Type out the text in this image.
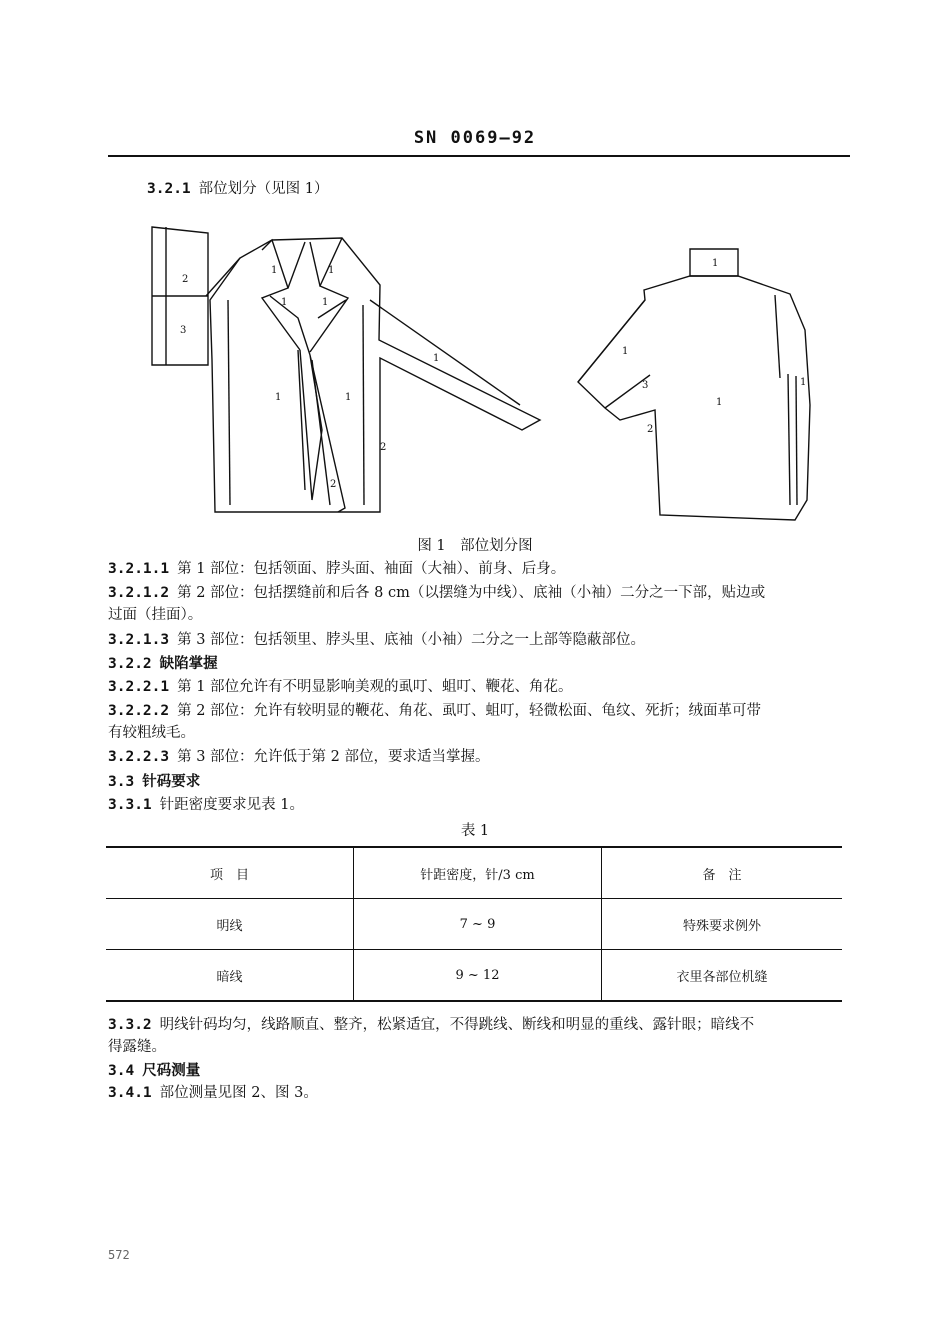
SN 0069—92
3.2.1 部位划分（见图 1）
2
3
1	1
1	1
1
1	1
2
2
1
1
3
2
1
1
图 1　部位划分图
3.2.1.1 第 1 部位：包括领面、脖头面、袖面（大袖）、前身、后身。
3.2.1.2 第 2 部位：包括摆缝前和后各 8 cm（以摆缝为中线）、底袖（小袖）二分之一下部，贴边或
过面（挂面）。
3.2.1.3 第 3 部位：包括领里、脖头里、底袖（小袖）二分之一上部等隐蔽部位。
3.2.2 缺陷掌握
3.2.2.1 第 1 部位允许有不明显影响美观的虱叮、蛆叮、鞭花、角花。
3.2.2.2 第 2 部位：允许有较明显的鞭花、角花、虱叮、蛆叮，轻微松面、龟纹、死折；绒面革可带
有较粗绒毛。
3.2.2.3 第 3 部位：允许低于第 2 部位，要求适当掌握。
3.3 针码要求
3.3.1 针距密度要求见表 1。
表 1
项　目	针距密度，针/3 cm	备　注
明线	7 ~ 9	特殊要求例外
暗线	9 ~ 12	衣里各部位机缝
3.3.2 明线针码均匀，线路顺直、整齐，松紧适宜，不得跳线、断线和明显的重线、露针眼；暗线不
得露缝。
3.4 尺码测量
3.4.1 部位测量见图 2、图 3。
572
